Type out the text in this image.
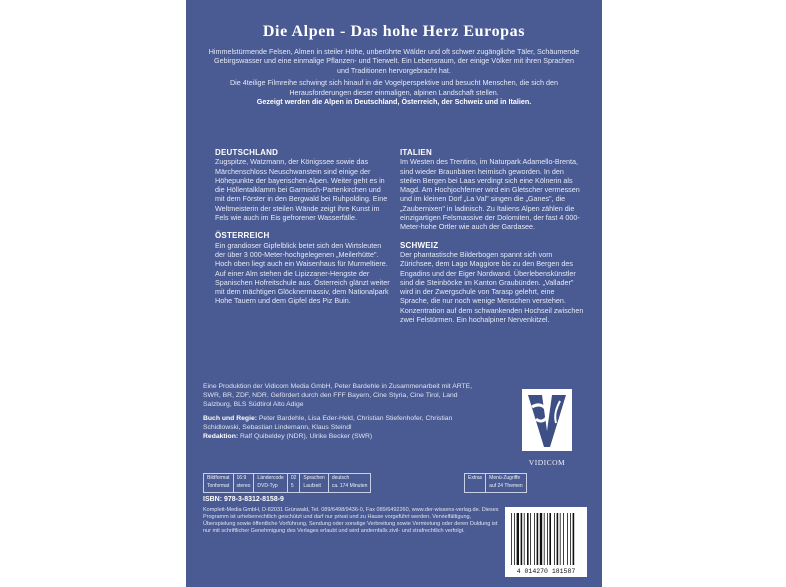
Die Alpen - Das hohe Herz Europas

Himmelstürmende Felsen, Almen in steiler Höhe, unberührte Wälder und oft schwer zugängliche Täler, Schäumende Gebirgswasser und eine einmalige Pflanzen- und Tierwelt. Ein Lebensraum, der einige Völker mit ihren Sprachen und Traditionen hervorgebracht hat.

Die 4teilige Filmreihe schwingt sich hinauf in die Vogelperspektive und besucht Menschen, die sich den Herausforderungen dieser einmaligen, alpinen Landschaft stellen.

Gezeigt werden die Alpen in Deutschland, Österreich, der Schweiz und in Italien.

DEUTSCHLAND

Zugspitze, Watzmann, der Königssee sowie das Märchenschloss Neuschwanstein sind einige der Höhepunkte der bayerischen Alpen. Weiter geht es in die Höllentalklamm bei Garmisch-Partenkirchen und mit dem Förster in den Bergwald bei Ruhpolding. Eine Weltmeisterin der steilen Wände zeigt ihre Kunst im Fels wie auch im Eis gefrorener Wasserfälle.

ÖSTERREICH

Ein grandioser Gipfelblick betet sich den Wirtsleuten der über 3 000-Meter-hochgelegenen „Meilerhütte". Hoch oben liegt auch ein Waisenhaus für Murmeltiere. Auf einer Alm stehen die Lipizzaner-Hengste der Spanischen Hofreitschule aus. Österreich glänzt weiter mit dem mächtigen Glöcknermassiv, dem Nationalpark Hohe Tauern und dem Gipfel des Piz Buin.

ITALIEN

Im Westen des Trentino, im Naturpark Adamello-Brenta, sind wieder Braunbären heimisch geworden. In den steilen Bergen bei Laas verdingt sich eine Kölnerin als Magd. Am Hochjochferner wird ein Gletscher vermessen und im kleinen Dorf „La Val" singen die „Ganes", die „Zaubernixen" in ladinisch. Zu Italiens Alpen zählen die einzigartigen Felsmassive der Dolomiten, der fast 4 000-Meter-hohe Ortler wie auch der Gardasee.

SCHWEIZ

Der phantastische Bilderbogen spannt sich vom Zürichsee, dem Lago Maggiore bis zu den Bergen des Engadins und der Eiger Nordwand. Überlebenskünstler sind die Steinböcke im Kanton Graubünden. „Vallader" wird in der Zwergschule von Tarasp gelehrt, eine Sprache, die nur noch wenige Menschen verstehen. Konzentration auf dem schwankenden Hochseil zwischen zwei Felstürmen. Ein hochalpiner Nervenkitzel.

Eine Produktion der Vidicom Media GmbH, Peter Bardehle in Zusammenarbeit mit ARTE, SWR, BR, ZDF, NDR. Gefördert durch den FFF Bayern, Cine Styria, Cine Tirol, Land Salzburg, BLS Südtirol Alto Adige

Buch und Regie: Peter Bardehle, Lisa Eder-Held, Christian Stiefenhofer, Christian Schidlowski, Sebastian Lindemann, Klaus Steindl
Redaktion: Ralf Quibeldey (NDR), Ulrike Becker (SWR)

VIDICOM
Bildformat
Tonformat
16:9
stereo
Ländercode
DVD-Typ
02
5
Sprachen
Laufzeit
deutsch
ca. 174 Minuten
Extras Menü-Zugriffe
auf 24 Themen
ISBN: 978-3-8312-8158-9
Komplett-Media GmbH, D-82031 Grünwald, Tel. 089/6498/9436-0, Fax 089/6492260, www.der-wissens-verlag.de. Dieses Programm ist urheberrechtlich geschützt und darf nur privat und zu Hause vorgeführt werden. Vervielfältigung, Überspielung sowie öffentliche Vorführung, Sendung oder sonstige Verbreitung sowie Vermietung oder deren Duldung ist nur mit schriftlicher Genehmigung des Verlages erlaubt und wird andernfalls zivil- und strafrechtlich verfolgt.
4 014270 181587
